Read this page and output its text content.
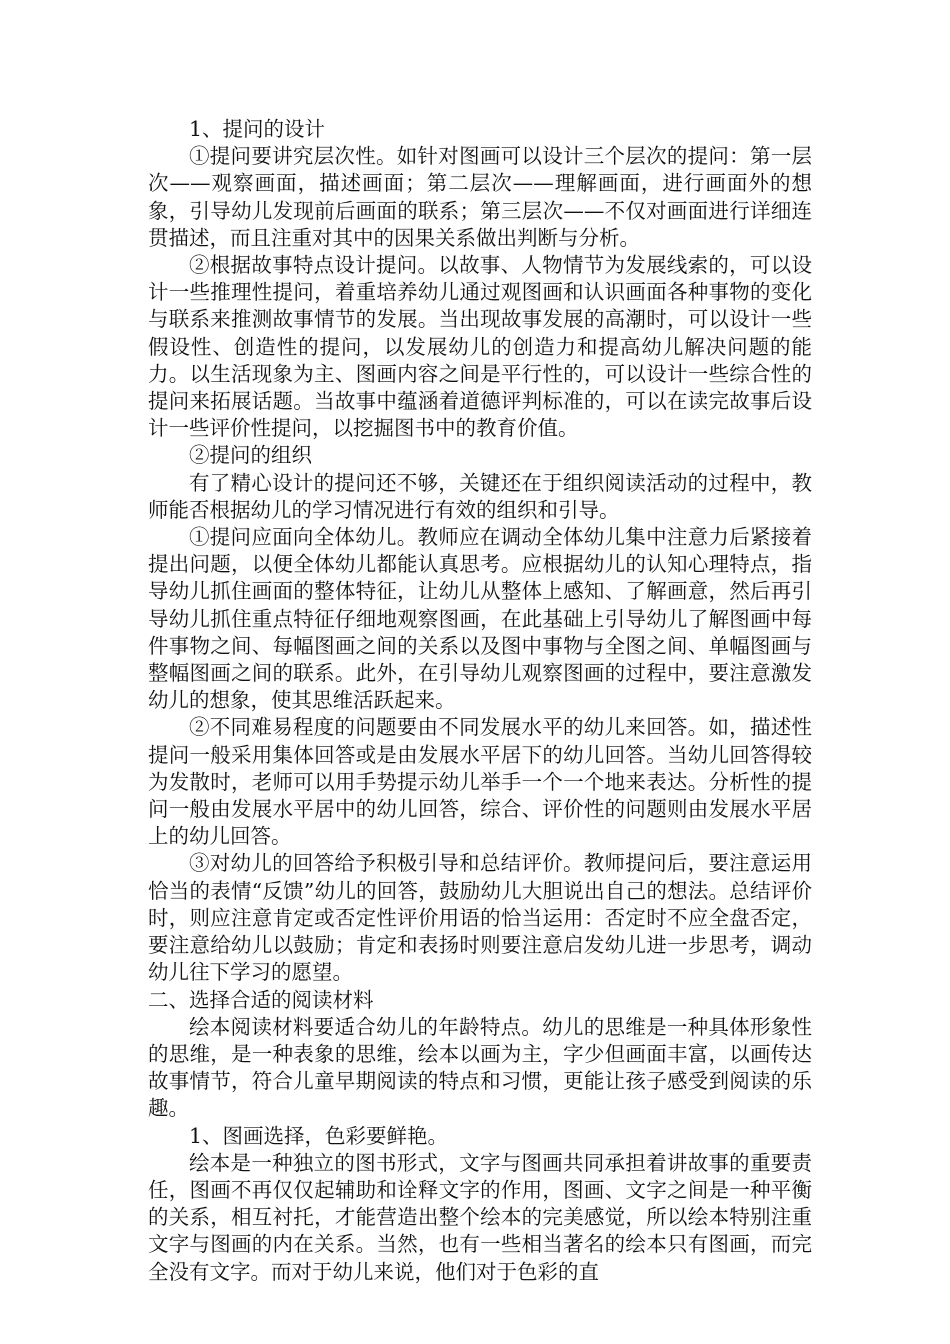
1、提问的设计

①提问要讲究层次性。如针对图画可以设计三个层次的提问：第一层次——观察画面，描述画面；第二层次——理解画面，进行画面外的想象，引导幼儿发现前后画面的联系；第三层次——不仅对画面进行详细连贯描述，而且注重对其中的因果关系做出判断与分析。

②根据故事特点设计提问。以故事、人物情节为发展线索的，可以设计一些推理性提问，着重培养幼儿通过观图画和认识画面各种事物的变化与联系来推测故事情节的发展。当出现故事发展的高潮时，可以设计一些假设性、创造性的提问，以发展幼儿的创造力和提高幼儿解决问题的能力。以生活现象为主、图画内容之间是平行性的，可以设计一些综合性的提问来拓展话题。当故事中蕴涵着道德评判标准的，可以在读完故事后设计一些评价性提问，以挖掘图书中的教育价值。

②提问的组织

有了精心设计的提问还不够，关键还在于组织阅读活动的过程中，教师能否根据幼儿的学习情况进行有效的组织和引导。

①提问应面向全体幼儿。教师应在调动全体幼儿集中注意力后紧接着提出问题，以便全体幼儿都能认真思考。应根据幼儿的认知心理特点，指导幼儿抓住画面的整体特征，让幼儿从整体上感知、了解画意，然后再引导幼儿抓住重点特征仔细地观察图画，在此基础上引导幼儿了解图画中每件事物之间、每幅图画之间的关系以及图中事物与全图之间、单幅图画与整幅图画之间的联系。此外，在引导幼儿观察图画的过程中，要注意激发幼儿的想象，使其思维活跃起来。

②不同难易程度的问题要由不同发展水平的幼儿来回答。如，描述性提问一般采用集体回答或是由发展水平居下的幼儿回答。当幼儿回答得较为发散时，老师可以用手势提示幼儿举手一个一个地来表达。分析性的提问一般由发展水平居中的幼儿回答，综合、评价性的问题则由发展水平居上的幼儿回答。

③对幼儿的回答给予积极引导和总结评价。教师提问后，要注意运用恰当的表情“反馈”幼儿的回答，鼓励幼儿大胆说出自己的想法。总结评价时，则应注意肯定或否定性评价用语的恰当运用：否定时不应全盘否定，要注意给幼儿以鼓励；肯定和表扬时则要注意启发幼儿进一步思考，调动幼儿往下学习的愿望。

二、选择合适的阅读材料

绘本阅读材料要适合幼儿的年龄特点。幼儿的思维是一种具体形象性的思维，是一种表象的思维，绘本以画为主，字少但画面丰富，以画传达故事情节，符合儿童早期阅读的特点和习惯，更能让孩子感受到阅读的乐趣。

1、图画选择，色彩要鲜艳。

绘本是一种独立的图书形式，文字与图画共同承担着讲故事的重要责任，图画不再仅仅起辅助和诠释文字的作用，图画、文字之间是一种平衡的关系，相互衬托，才能营造出整个绘本的完美感觉，所以绘本特别注重文字与图画的内在关系。当然，也有一些相当著名的绘本只有图画，而完全没有文字。而对于幼儿来说，他们对于色彩的直
